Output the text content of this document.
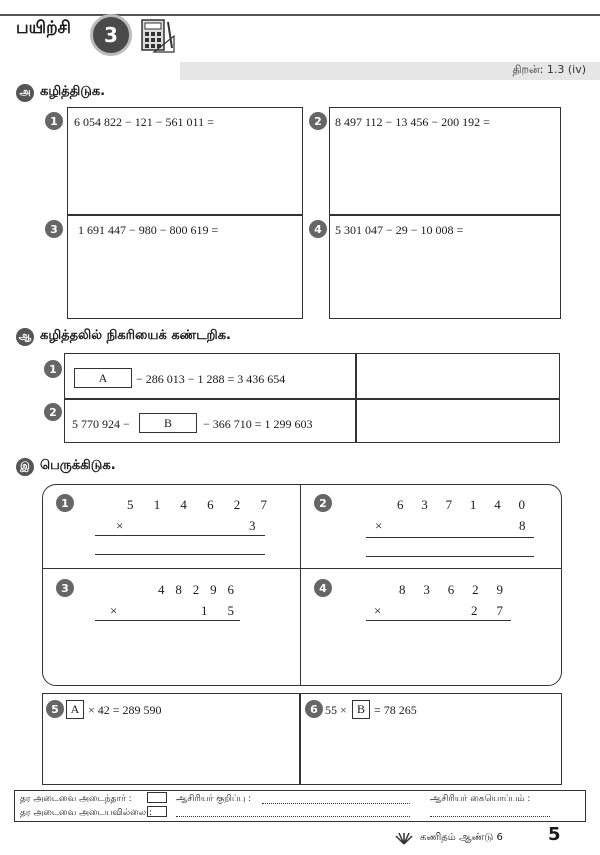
பயிற்சி	3
திறன்: 1.3 (iv)
அ கழித்திடுக.
1	6 054 822 − 121 − 561 011 =	2	8 497 112 − 13 456 − 200 192 =
3	1 691 447 − 980 − 800 619 =	4	5 301 047 − 29 − 10 008 =
ஆ கழித்தலில் நிகரியைக் கண்டறிக.
1
A	− 286 013 − 1 288 = 3 436 654
2
5 770 924 −	B	− 366 710 = 1 299 603
இ பெருக்கிடுக.
1	5 1 4 6 2 7
×	3
2	6 3 7 1 4 0
×	8
3	4 8 2 9 6
×	1 5
4	8 3 6 2 9
×	2 7
5 A × 42 = 289 590	6 55 × B = 78 265
தர அடைவை அடைந்தார் :
தர அடைவை அடையவில்லை :
ஆசிரியர் குறிப்பு :	ஆசிரியர் கையொப்பம் :
கணிதம் ஆண்டு 6	5
